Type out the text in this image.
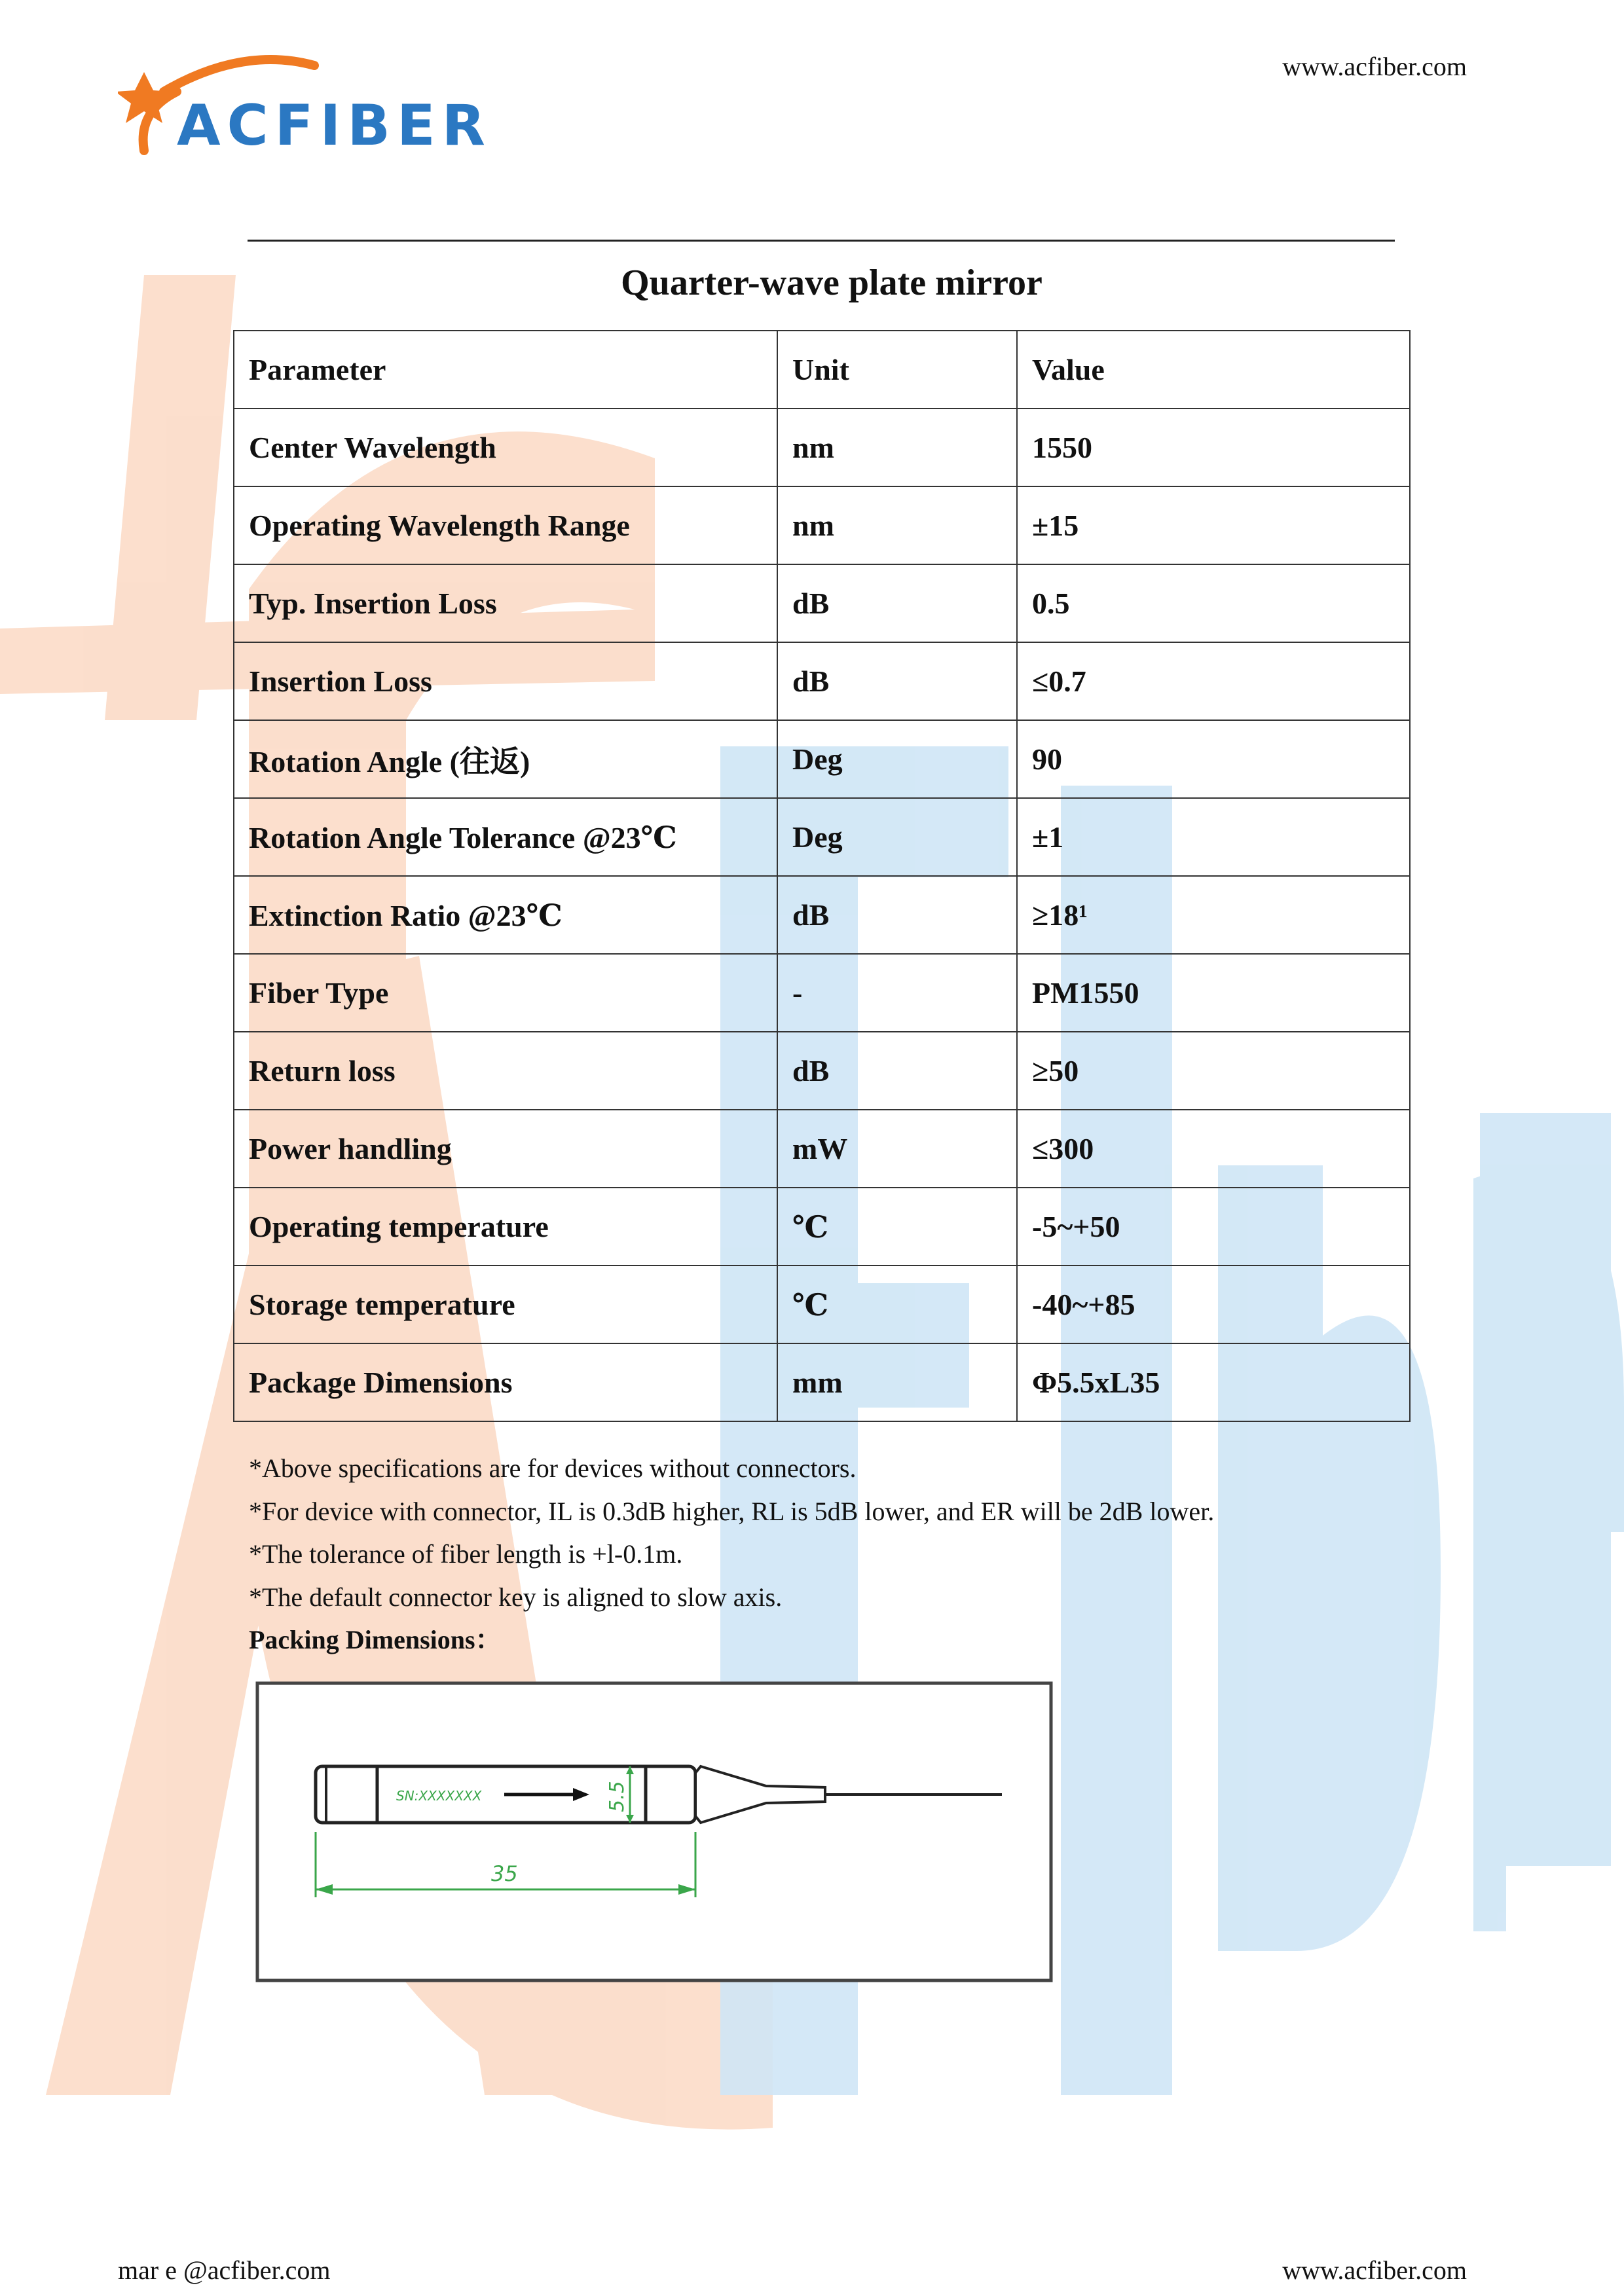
ACFIBER
www.acfiber.com
Quarter-wave plate mirror
Parameter	Unit	Value
Center Wavelength	nm	1550
Operating Wavelength Range	nm	±15
Typ. Insertion Loss	dB	0.5
Insertion Loss	dB	≤0.7
Rotation Angle (往返)	Deg	90
Rotation Angle Tolerance @23℃	Deg	±1
Extinction Ratio @23℃	dB	≥18¹
Fiber Type	-	PM1550
Return loss	dB	≥50
Power handling	mW	≤300
Operating temperature	℃	-5~+50
Storage temperature	℃	-40~+85
Package Dimensions	mm	Φ5.5xL35
*Above specifications are for devices without connectors.
*For device with connector, IL is 0.3dB higher, RL is 5dB lower, and ER will be 2dB lower.
*The tolerance of fiber length is +l-0.1m.
*The default connector key is aligned to slow axis.
Packing Dimensions：
SN:XXXXXXX	5.5
35
mar e @acfiber.com	www.acfiber.com
